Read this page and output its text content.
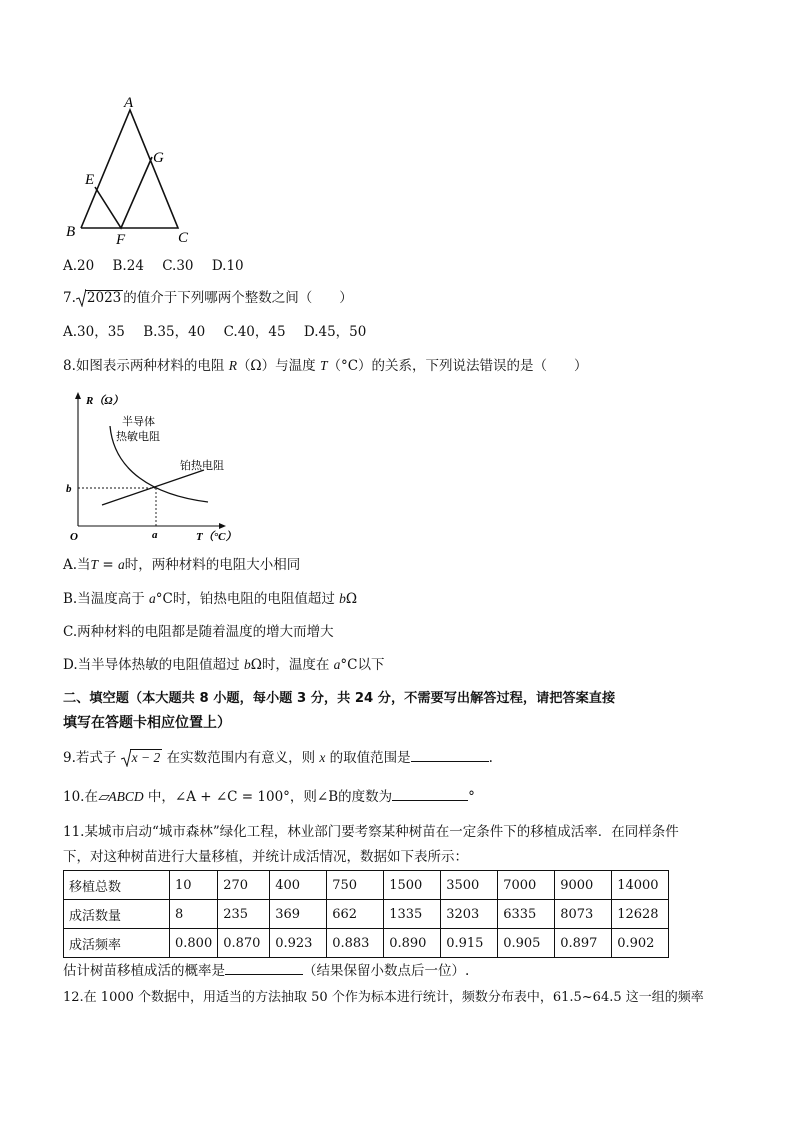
A
G
E
B	F	C
A.20 B.24 C.30 D.10
7. 2023 的值介于下列哪两个整数之间（　　）
A.30，35 B.35，40 C.40，45 D.45，50
8.如图表示两种材料的电阻 R（Ω）与温度 T（°C）的关系，下列说法错误的是（　　）
R（Ω）
T（°C）
O
b
a
半导体
热敏电阻
铂热电阻
A.当T = a时，两种材料的电阻大小相同
B.当温度高于 a°C时，铂热电阻的电阻值超过 bΩ
C.两种材料的电阻都是随着温度的增大而增大
D.当半导体热敏的电阻值超过 bΩ时，温度在 a°C以下
二、填空题（本大题共 8 小题，每小题 3 分，共 24 分，不需要写出解答过程，请把答案直接
填写在答题卡相应位置上）
9.若式子
x − 2 在实数范围内有意义，则 x 的取值范围是	.
10.在▱ABCD 中，∠A + ∠C = 100°，则∠B的度数为	°
11.某城市启动“城市森林”绿化工程，林业部门要考察某种树苗在一定条件下的移植成活率．在同样条件
下，对这种树苗进行大量移植，并统计成活情况，数据如下表所示：
移植总数	10	270	400	750	1500	3500	7000	9000	14000
成活数量	8	235	369	662	1335	3203	6335	8073	12628
成活频率	0.800	0.870	0.923	0.883	0.890	0.915	0.905	0.897	0.902
估计树苗移植成活的概率是	（结果保留小数点后一位）.
12.在 1000 个数据中，用适当的方法抽取 50 个作为标本进行统计，频数分布表中，61.5~64.5 这一组的频率
